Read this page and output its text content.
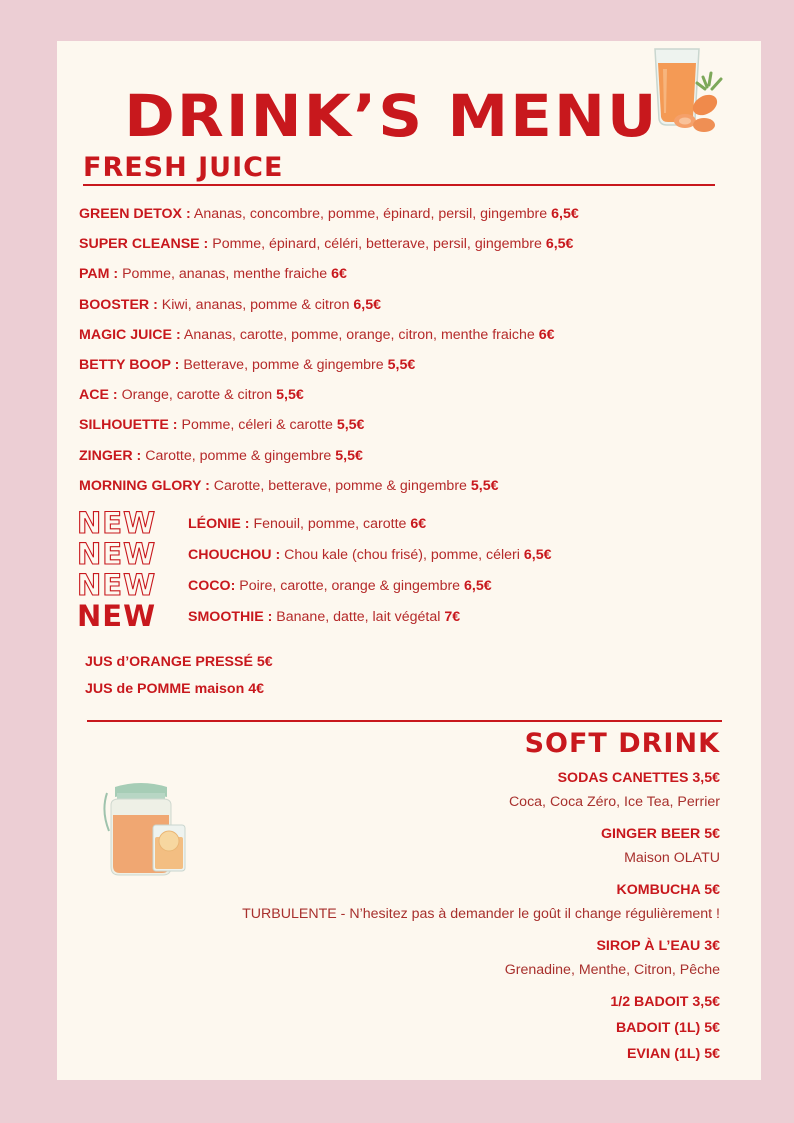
DRINK’S MENU
FRESH JUICE
GREEN DETOX : Ananas, concombre, pomme, épinard, persil, gingembre 6,5€
SUPER CLEANSE : Pomme, épinard, céléri, betterave, persil, gingembre 6,5€
PAM : Pomme, ananas, menthe fraiche 6€
BOOSTER : Kiwi, ananas, pomme & citron 6,5€
MAGIC JUICE : Ananas, carotte, pomme, orange, citron, menthe fraiche 6€
BETTY BOOP : Betterave, pomme & gingembre 5,5€
ACE : Orange, carotte & citron 5,5€
SILHOUETTE : Pomme, céleri & carotte 5,5€
ZINGER : Carotte, pomme & gingembre 5,5€
MORNING GLORY : Carotte, betterave, pomme & gingembre 5,5€
NEW	LÉONIE : Fenouil, pomme, carotte 6€
NEW	CHOUCHOU : Chou kale (chou frisé), pomme, céleri 6,5€
NEW	COCO: Poire, carotte, orange & gingembre 6,5€
NEW	SMOOTHIE : Banane, datte, lait végétal 7€
JUS d’ORANGE PRESSÉ 5€
JUS de POMME maison 4€
SOFT DRINK
SODAS CANETTES 3,5€
Coca, Coca Zéro, Ice Tea, Perrier
GINGER BEER 5€
Maison OLATU
KOMBUCHA 5€
TURBULENTE - N’hesitez pas à demander le goût il change régulièrement !
SIROP À L’EAU 3€
Grenadine, Menthe, Citron, Pêche
1/2 BADOIT 3,5€
BADOIT (1L) 5€
EVIAN (1L) 5€
